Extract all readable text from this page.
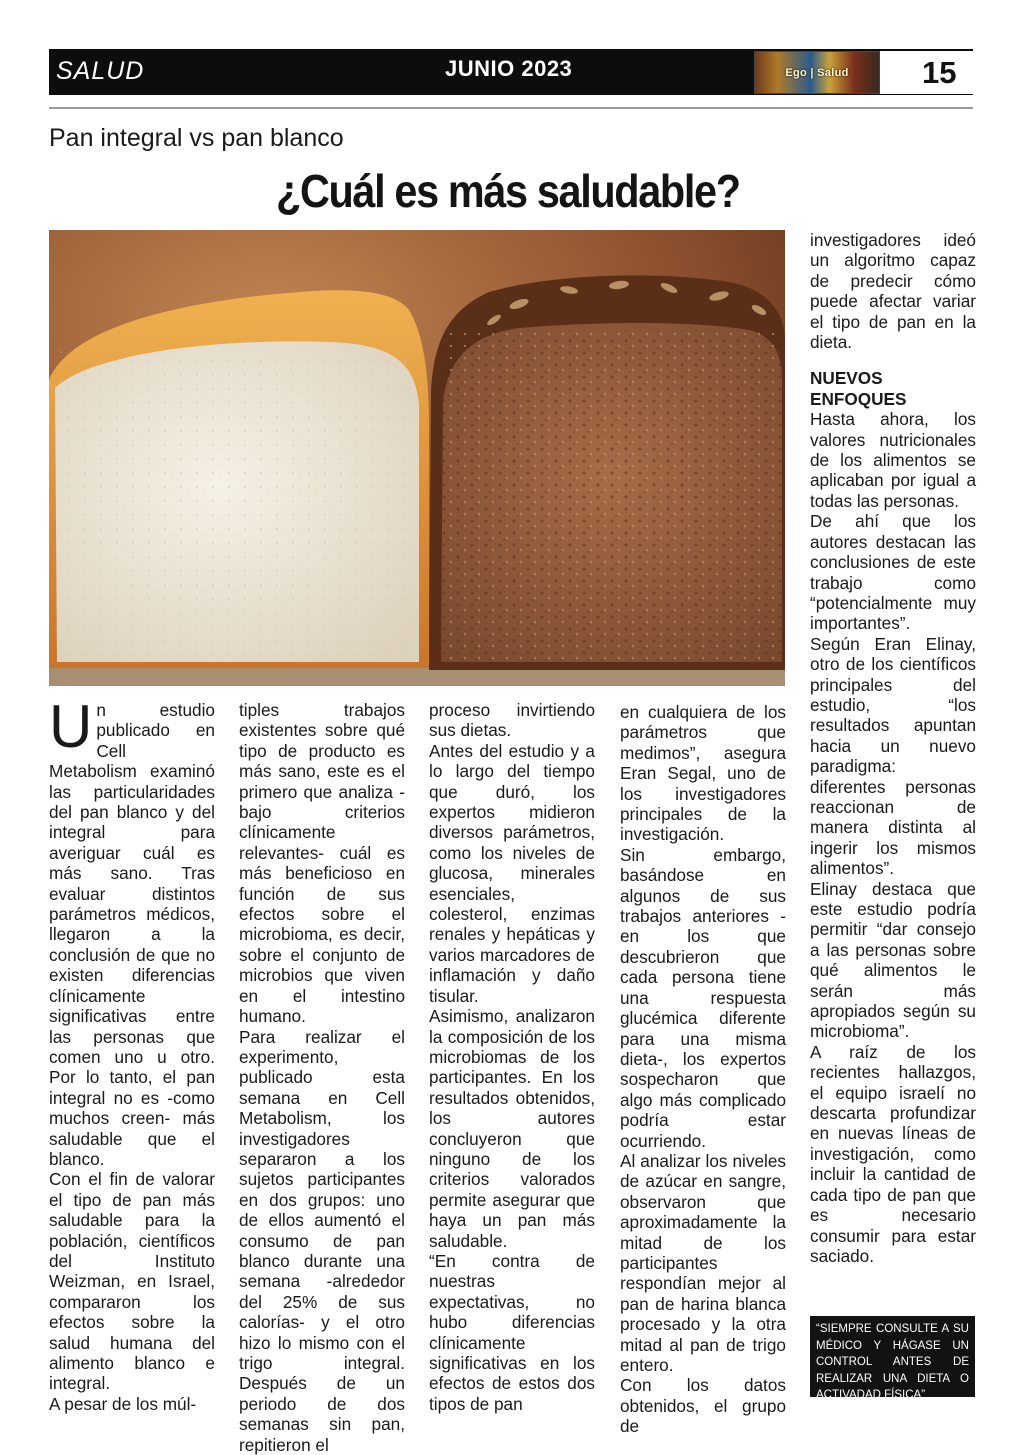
SALUD	JUNIO 2023	Ego | Salud 15
Pan integral vs pan blanco
¿Cuál es más saludable?

Un estudio publicado en Cell Metabolism examinó las particularidades del pan blanco y del integral para averiguar cuál es más sano. Tras evaluar distintos parámetros médicos, llegaron a la conclusión de que no existen diferencias clínicamente significativas entre las personas que comen uno u otro. Por lo tanto, el pan integral no es -como muchos creen- más saludable que el blanco.

Con el fin de valorar el tipo de pan más saludable para la población, científicos del Instituto Weizman, en Israel, compararon los efectos sobre la salud humana del alimento blanco e integral.

A pesar de los múl-

tiples trabajos existentes sobre qué tipo de producto es más sano, este es el primero que analiza -bajo criterios clínicamente relevantes- cuál es más beneficioso en función de sus efectos sobre el microbioma, es decir, sobre el conjunto de microbios que viven en el intestino humano.

Para realizar el experimento, publicado esta semana en Cell Metabolism, los investigadores separaron a los sujetos participantes en dos grupos: uno de ellos aumentó el consumo de pan blanco durante una semana -alrededor del 25% de sus calorías- y el otro hizo lo mismo con el trigo integral. Después de un periodo de dos semanas sin pan, repitieron el

proceso invirtiendo sus dietas.

Antes del estudio y a lo largo del tiempo que duró, los expertos midieron diversos parámetros, como los niveles de glucosa, minerales esenciales, colesterol, enzimas renales y hepáticas y varios marcadores de inflamación y daño tisular.

Asimismo, analizaron la composición de los microbiomas de los participantes. En los resultados obtenidos, los autores concluyeron que ninguno de los criterios valorados permite asegurar que haya un pan más saludable.

“En contra de nuestras expectativas, no hubo diferencias clínicamente significativas en los efectos de estos dos tipos de pan

en cualquiera de los parámetros que medimos”, asegura Eran Segal, uno de los investigadores principales de la investigación.

Sin embargo, basándose en algunos de sus trabajos anteriores -en los que descubrieron que cada persona tiene una respuesta glucémica diferente para una misma dieta-, los expertos sospecharon que algo más complicado podría estar ocurriendo.

Al analizar los niveles de azúcar en sangre, observaron que aproximadamente la mitad de los participantes respondían mejor al pan de harina blanca procesado y la otra mitad al pan de trigo entero.

Con los datos obtenidos, el grupo de

investigadores ideó un algoritmo capaz de predecir cómo puede afectar variar el tipo de pan en la dieta.

NUEVOS ENFOQUES

Hasta ahora, los valores nutricionales de los alimentos se aplicaban por igual a todas las personas.

De ahí que los autores destacan las conclusiones de este trabajo como “potencialmente muy importantes”.

Según Eran Elinay, otro de los científicos principales del estudio, “los resultados apuntan hacia un nuevo paradigma: diferentes personas reaccionan de manera distinta al ingerir los mismos alimentos”.

Elinay destaca que este estudio podría permitir “dar consejo a las personas sobre qué alimentos le serán más apropiados según su microbioma”.

A raíz de los recientes hallazgos, el equipo israelí no descarta profundizar en nuevas líneas de investigación, como incluir la cantidad de cada tipo de pan que es necesario consumir para estar saciado.

“SIEMPRE CONSULTE A SU MÉDICO Y HÁGASE UN CONTROL ANTES DE REALIZAR UNA DIETA O ACTIVADAD FÍSICA”
